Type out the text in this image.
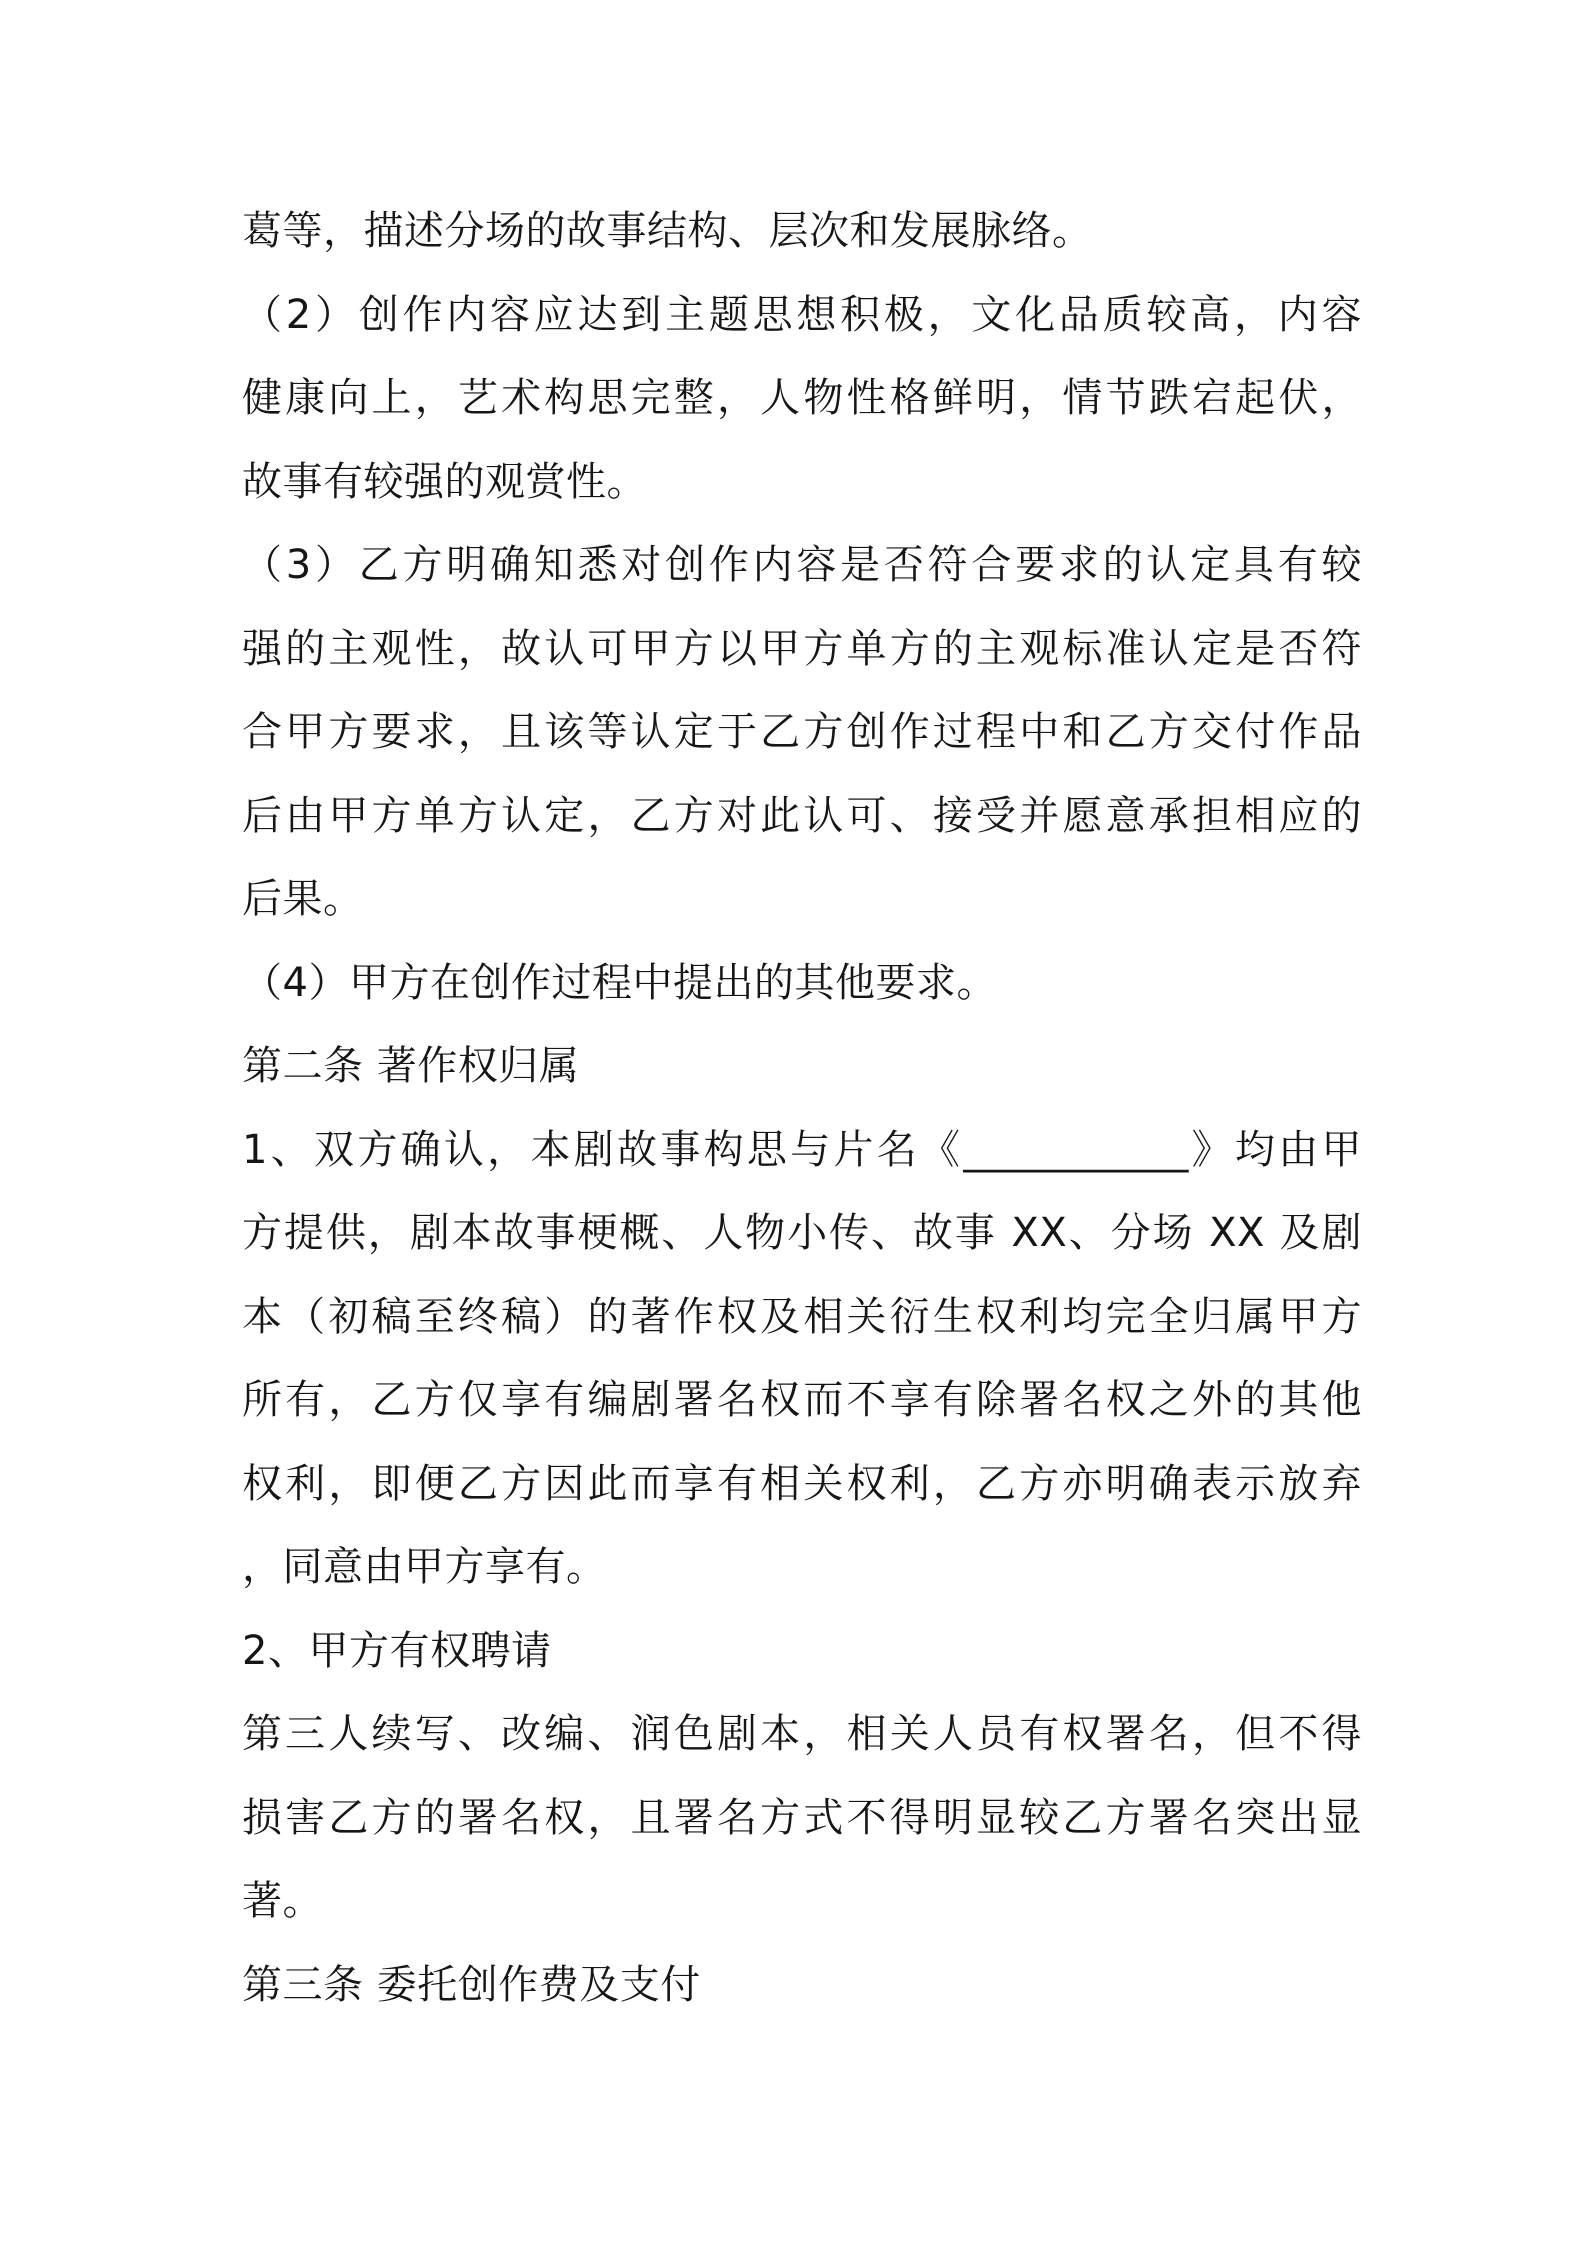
葛等，描述分场的故事结构、层次和发展脉络。
（2）创作内容应达到主题思想积极，文化品质较高，内容
健康向上，艺术构思完整，人物性格鲜明，情节跌宕起伏，
故事有较强的观赏性。
（3）乙方明确知悉对创作内容是否符合要求的认定具有较
强的主观性，故认可甲方以甲方单方的主观标准认定是否符
合甲方要求，且该等认定于乙方创作过程中和乙方交付作品
后由甲方单方认定，乙方对此认可、接受并愿意承担相应的
后果。
（4）甲方在创作过程中提出的其他要求。
第二条 著作权归属
1、双方确认，本剧故事构思与片名《___________》均由甲
方提供，剧本故事梗概、人物小传、故事 XX、分场 XX 及剧
本（初稿至终稿）的著作权及相关衍生权利均完全归属甲方
所有，乙方仅享有编剧署名权而不享有除署名权之外的其他
权利，即便乙方因此而享有相关权利，乙方亦明确表示放弃
，同意由甲方享有。
2、甲方有权聘请
第三人续写、改编、润色剧本，相关人员有权署名，但不得
损害乙方的署名权，且署名方式不得明显较乙方署名突出显
著。
第三条 委托创作费及支付
